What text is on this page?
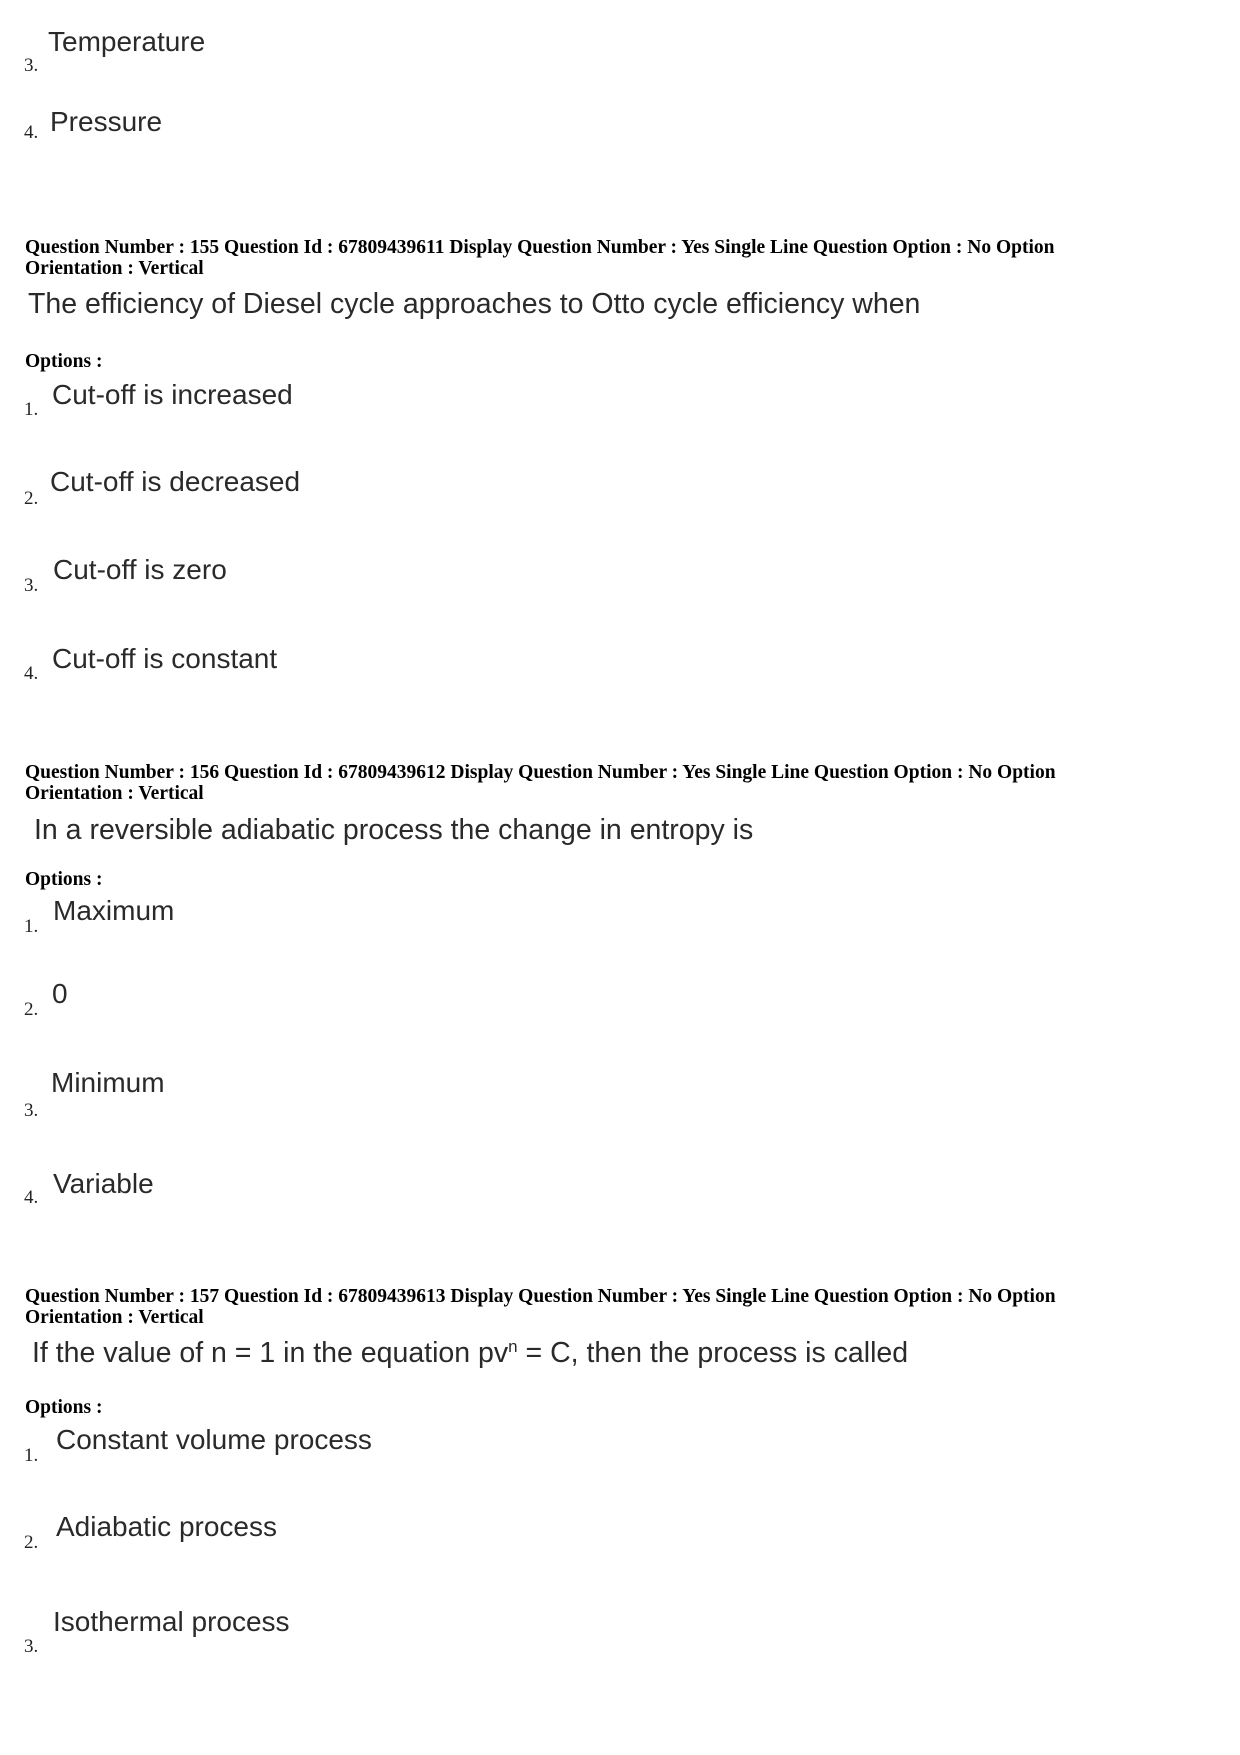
3.
Temperature
4. Pressure
Question Number : 155 Question Id : 67809439611 Display Question Number : Yes Single Line Question Option : No Option
Orientation : Vertical
The efficiency of Diesel cycle approaches to Otto cycle efficiency when
Options :
1. Cut-off is increased
2.
Cut-off is decreased
3.
Cut-off is zero
4. Cut-off is constant
Question Number : 156 Question Id : 67809439612 Display Question Number : Yes Single Line Question Option : No Option
Orientation : Vertical
In a reversible adiabatic process the change in entropy is
Options :
1.
Maximum
2.
0
3.
Minimum
4. Variable
Question Number : 157 Question Id : 67809439613 Display Question Number : Yes Single Line Question Option : No Option
Orientation : Vertical
If the value of n = 1 in the equation $pv^n = C$, then the process is called
Options :
1.
Constant volume process
2.
Adiabatic process
3.
Isothermal process
